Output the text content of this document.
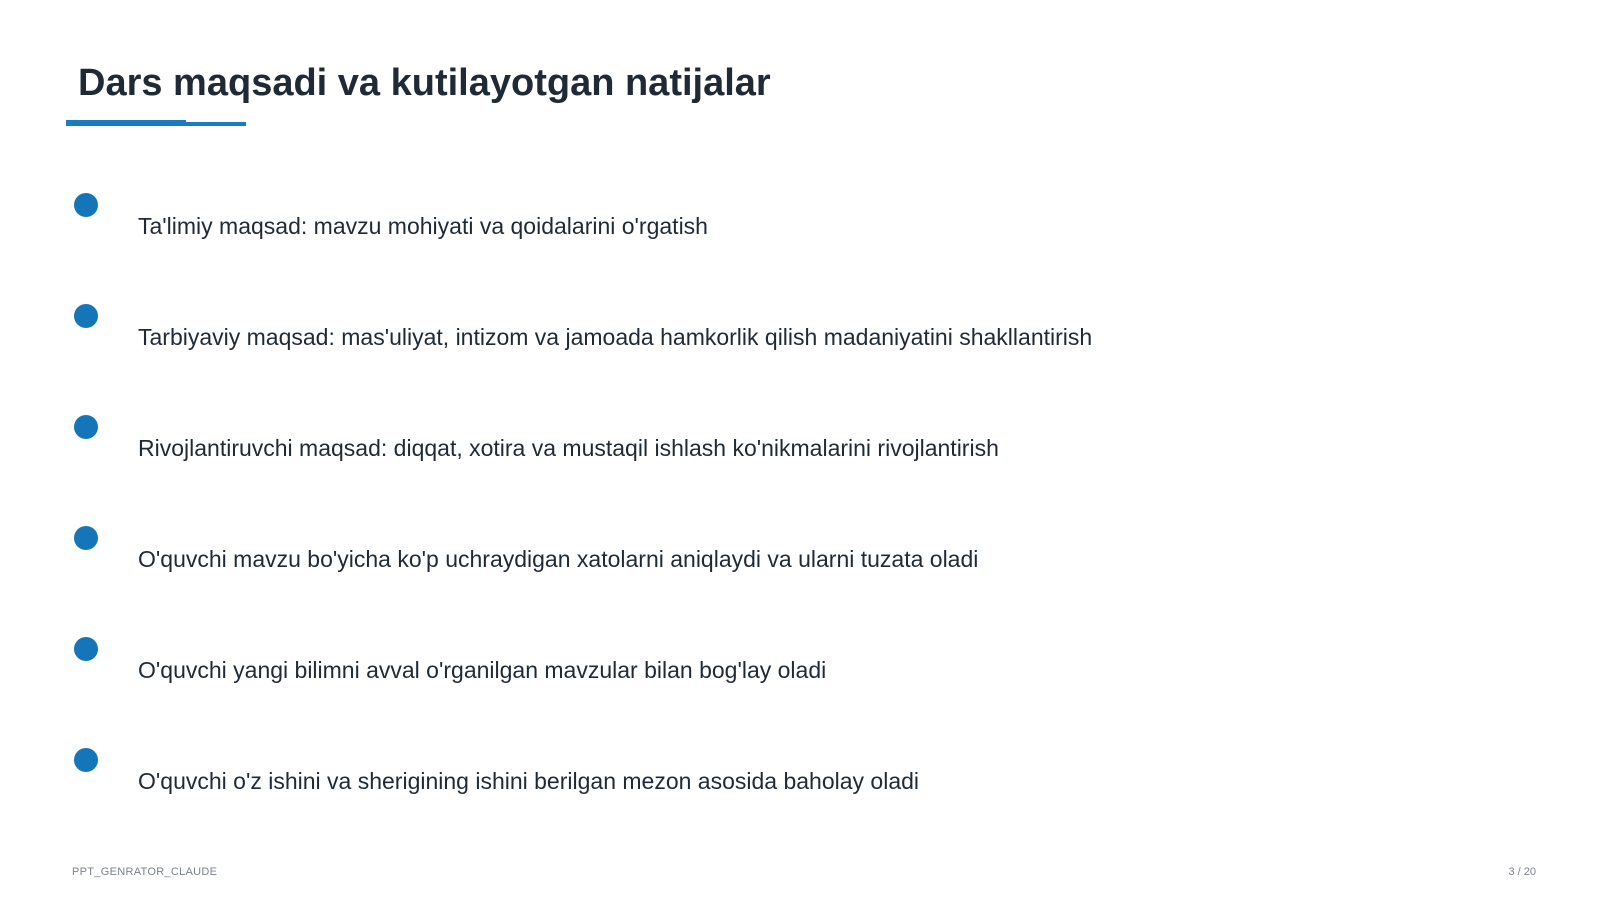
Dars maqsadi va kutilayotgan natijalar
Ta'limiy maqsad: mavzu mohiyati va qoidalarini o'rgatish
Tarbiyaviy maqsad: mas'uliyat, intizom va jamoada hamkorlik qilish madaniyatini shakllantirish
Rivojlantiruvchi maqsad: diqqat, xotira va mustaqil ishlash ko'nikmalarini rivojlantirish
O'quvchi mavzu bo'yicha ko'p uchraydigan xatolarni aniqlaydi va ularni tuzata oladi
O'quvchi yangi bilimni avval o'rganilgan mavzular bilan bog'lay oladi
O'quvchi o'z ishini va sherigining ishini berilgan mezon asosida baholay oladi
PPT_GENRATOR_CLAUDE	3 / 20
